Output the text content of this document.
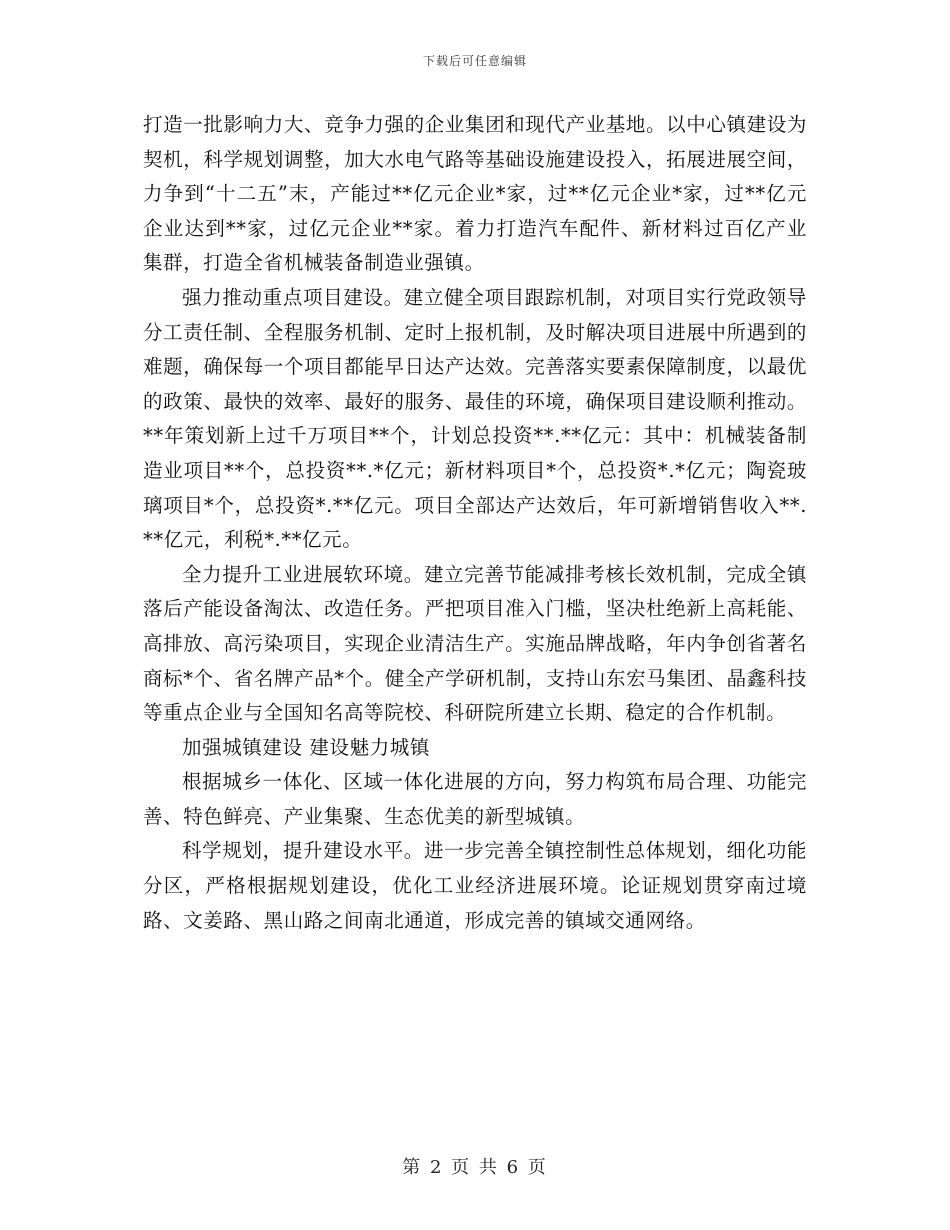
下载后可任意编辑

打造一批影响力大、竞争力强的企业集团和现代产业基地。以中心镇建设为契机，科学规划调整，加大水电气路等基础设施建设投入，拓展进展空间，力争到“十二五”末，产能过**亿元企业*家，过**亿元企业*家，过**亿元企业达到**家，过亿元企业**家。着力打造汽车配件、新材料过百亿产业集群，打造全省机械装备制造业强镇。

强力推动重点项目建设。建立健全项目跟踪机制，对项目实行党政领导分工责任制、全程服务机制、定时上报机制，及时解决项目进展中所遇到的难题，确保每一个项目都能早日达产达效。完善落实要素保障制度，以最优的政策、最快的效率、最好的服务、最佳的环境，确保项目建设顺利推动。**年策划新上过千万项目**个，计划总投资**.**亿元：其中：机械装备制造业项目**个，总投资**.*亿元；新材料项目*个，总投资*.*亿元；陶瓷玻璃项目*个，总投资*.**亿元。项目全部达产达效后，年可新增销售收入**.**亿元，利税*.**亿元。

全力提升工业进展软环境。建立完善节能减排考核长效机制，完成全镇落后产能设备淘汰、改造任务。严把项目准入门槛，坚决杜绝新上高耗能、高排放、高污染项目，实现企业清洁生产。实施品牌战略，年内争创省著名商标*个、省名牌产品*个。健全产学研机制，支持山东宏马集团、晶鑫科技等重点企业与全国知名高等院校、科研院所建立长期、稳定的合作机制。

加强城镇建设 建设魅力城镇

根据城乡一体化、区域一体化进展的方向，努力构筑布局合理、功能完善、特色鲜亮、产业集聚、生态优美的新型城镇。

科学规划，提升建设水平。进一步完善全镇控制性总体规划，细化功能分区，严格根据规划建设，优化工业经济进展环境。论证规划贯穿南过境路、文姜路、黑山路之间南北通道，形成完善的镇域交通网络。

第 2 页 共 6 页
